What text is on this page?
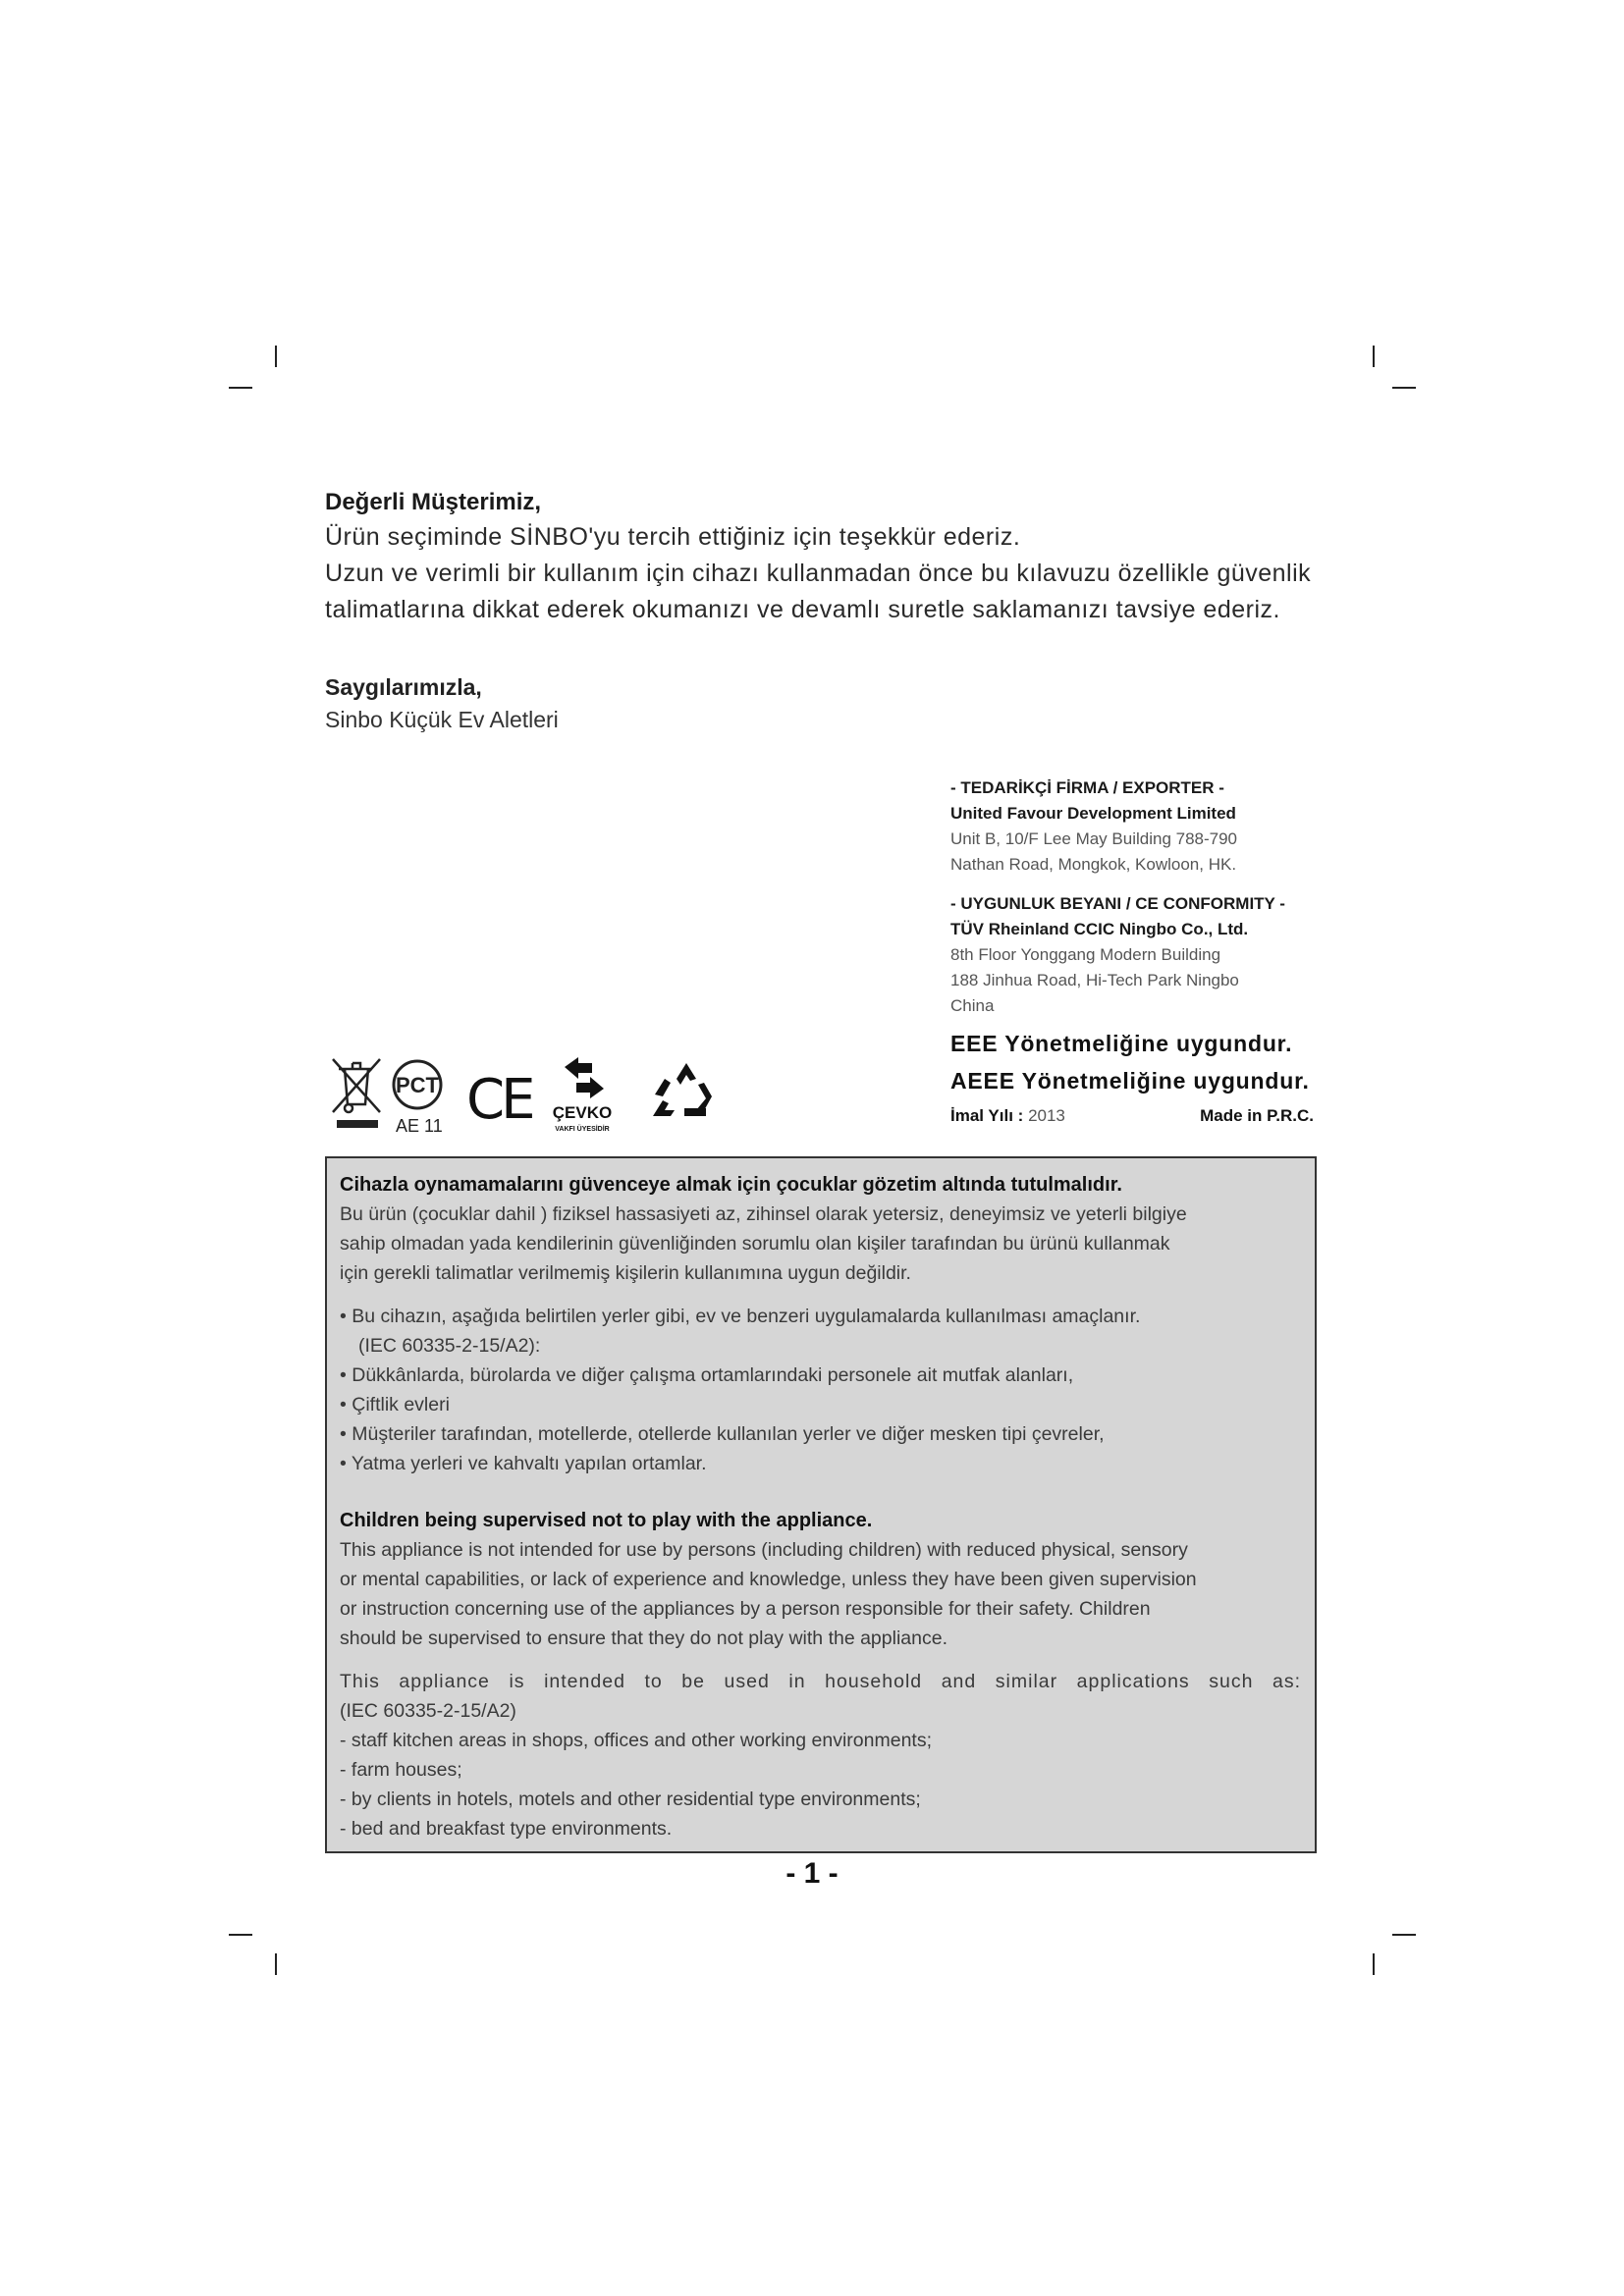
Değerli Müşterimiz,

Ürün seçiminde SİNBO'yu tercih ettiğiniz için teşekkür ederiz.

Uzun ve verimli bir kullanım için cihazı kullanmadan önce bu kılavuzu özellikle güvenlik

talimatlarına dikkat ederek okumanızı ve devamlı suretle saklamanızı tavsiye ederiz.

Saygılarımızla,
Sinbo Küçük Ev Aletleri
- TEDARİKÇİ FİRMA / EXPORTER -
United Favour Development Limited
Unit B, 10/F Lee May Building 788-790
Nathan Road, Mongkok, Kowloon, HK.
- UYGUNLUK BEYANI / CE CONFORMITY -
TÜV Rheinland CCIC Ningbo Co., Ltd.
8th Floor Yonggang Modern Building
188 Jinhua Road, Hi-Tech Park Ningbo
China
EEE Yönetmeliğine uygundur.
AEEE Yönetmeliğine uygundur.
İmal Yılı : 2013	Made in P.R.C.
PCT
AE 11 CE ÇEVKO
VAKFI ÜYESİDİR
Cihazla oynamamalarını güvenceye almak için çocuklar gözetim altında tutulmalıdır.

Bu ürün (çocuklar dahil ) fiziksel hassasiyeti az, zihinsel olarak yetersiz, deneyimsiz ve yeterli bilgiye

sahip olmadan yada kendilerinin güvenliğinden sorumlu olan kişiler tarafından bu ürünü kullanmak

için gerekli talimatlar verilmemiş kişilerin kullanımına uygun değildir.

• Bu cihazın, aşağıda belirtilen yerler gibi, ev ve benzeri uygulamalarda kullanılması amaçlanır.
(IEC 60335-2-15/A2):
• Dükkânlarda, bürolarda ve diğer çalışma ortamlarındaki personele ait mutfak alanları,
• Çiftlik evleri
• Müşteriler tarafından, motellerde, otellerde kullanılan yerler ve diğer mesken tipi çevreler,
• Yatma yerleri ve kahvaltı yapılan ortamlar.
Children being supervised not to play with the appliance.

This appliance is not intended for use by persons (including children) with reduced physical, sensory

or mental capabilities, or lack of experience and knowledge, unless they have been given supervision

or instruction concerning use of the appliances by a person responsible for their safety. Children

should be supervised to ensure that they do not play with the appliance.

This appliance is intended to be used in household and similar applications such as:

(IEC 60335-2-15/A2)

- staff kitchen areas in shops, offices and other working environments;

- farm houses;

- by clients in hotels, motels and other residential type environments;

- bed and breakfast type environments.

- 1 -
